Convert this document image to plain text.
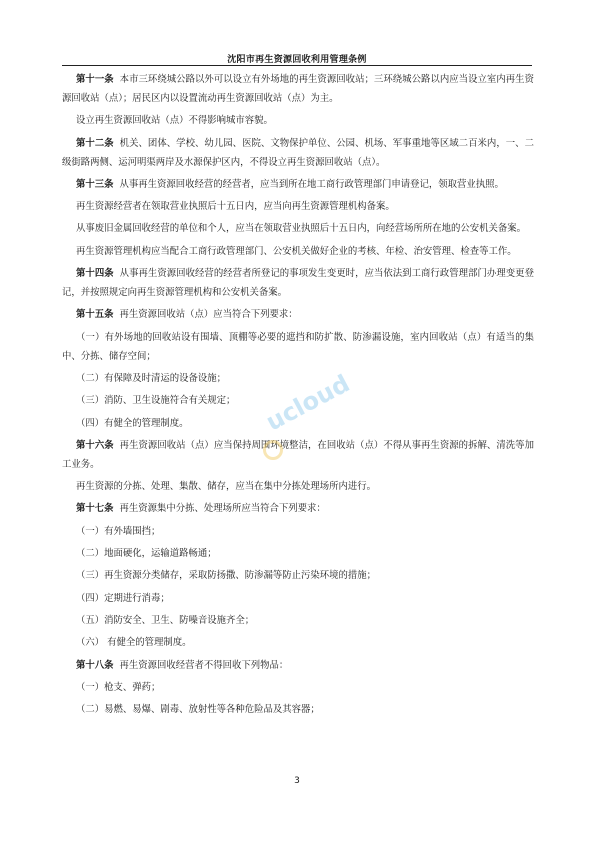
沈阳市再生资源回收利用管理条例

第十一条 本市三环绕城公路以外可以设立有外场地的再生资源回收站；三环绕城公路以内应当设立室内再生资源回收站（点）；居民区内以设置流动再生资源回收站（点）为主。

设立再生资源回收站（点）不得影响城市容貌。

第十二条 机关、团体、学校、幼儿园、医院、文物保护单位、公园、机场、军事重地等区域二百米内，一、二级街路两侧、运河明渠两岸及水源保护区内，不得设立再生资源回收站（点）。

第十三条 从事再生资源回收经营的经营者，应当到所在地工商行政管理部门申请登记，领取营业执照。

再生资源经营者在领取营业执照后十五日内，应当向再生资源管理机构备案。

从事废旧金属回收经营的单位和个人，应当在领取营业执照后十五日内，向经营场所所在地的公安机关备案。

再生资源管理机构应当配合工商行政管理部门、公安机关做好企业的考核、年检、治安管理、检查等工作。

第十四条 从事再生资源回收经营的经营者所登记的事项发生变更时，应当依法到工商行政管理部门办理变更登记，并按照规定向再生资源管理机构和公安机关备案。

第十五条 再生资源回收站（点）应当符合下列要求：

（一）有外场地的回收站设有围墙、顶棚等必要的遮挡和防扩散、防渗漏设施，室内回收站（点）有适当的集中、分拣、储存空间；

（二）有保障及时清运的设备设施；

（三）消防、卫生设施符合有关规定；

（四）有健全的管理制度。

第十六条 再生资源回收站（点）应当保持周围环境整洁，在回收站（点）不得从事再生资源的拆解、清洗等加工业务。

再生资源的分拣、处理、集散、储存，应当在集中分拣处理场所内进行。

第十七条 再生资源集中分拣、处理场所应当符合下列要求：

（一）有外墙围挡；

（二）地面硬化，运输道路畅通；

（三）再生资源分类储存，采取防扬撒、防渗漏等防止污染环境的措施；

（四）定期进行消毒；

（五）消防安全、卫生、防噪音设施齐全；

（六） 有健全的管理制度。

第十八条 再生资源回收经营者不得回收下列物品：

（一）枪支、弹药；

（二）易燃、易爆、剧毒、放射性等各种危险品及其容器；

ucloud
3
